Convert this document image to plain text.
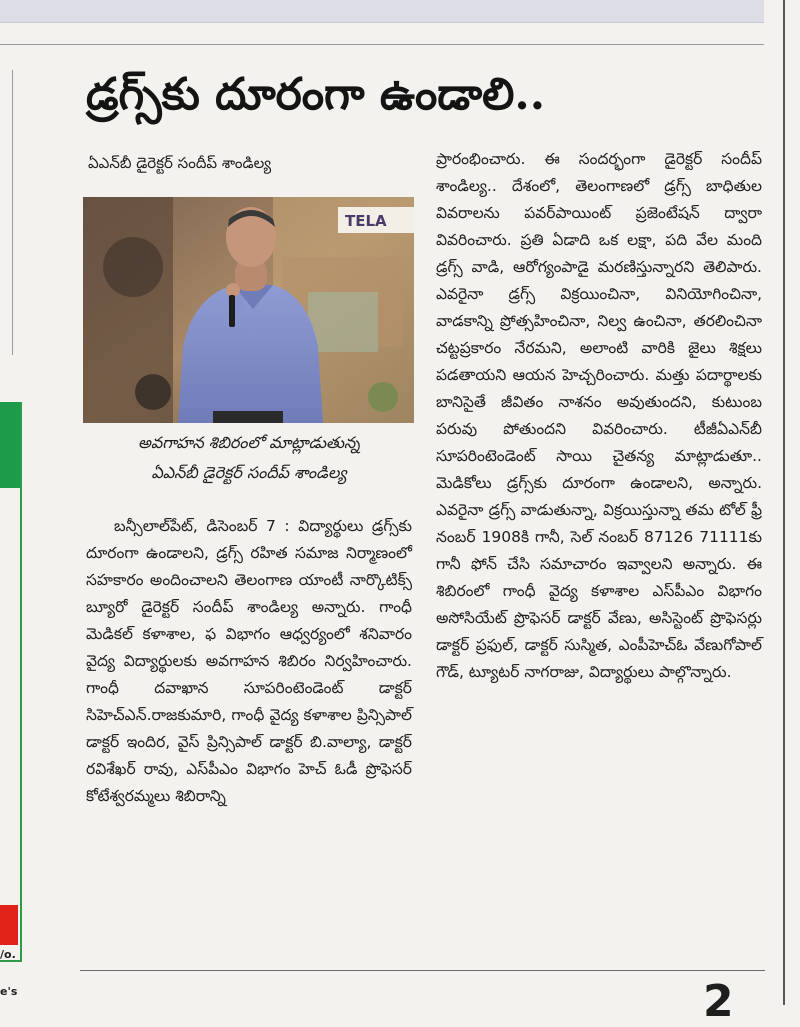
/o.
e's
డ్రగ్స్‌కు దూరంగా ఉండాలి..
ఏఎన్‌బీ డైరెక్టర్ సందీప్ శాండిల్య
TELA
అవగాహన శిబిరంలో మాట్లాడుతున్న
ఏఎన్‌బీ డైరెక్టర్ సందీప్ శాండిల్య

బన్సీలాల్‌పేట్, డిసెంబర్ 7 : విద్యార్థులు డ్రగ్స్‌కు దూరంగా ఉండాలని, డ్రగ్స్ రహిత సమాజ నిర్మాణంలో సహకారం అందించాలని తెలంగాణ యాంటీ నార్కొటిక్స్ బ్యూరో డైరెక్టర్ సందీప్ శాండిల్య అన్నారు. గాంధీ మెడికల్ కళాశాల, ఫ విభాగం ఆధ్వర్యంలో శనివారం వైద్య విద్యార్థులకు అవగాహన శిబిరం నిర్వహించారు. గాంధీ దవాఖాన సూపరింటెండెంట్ డాక్టర్ సిహెచ్ఎన్.రాజకుమారి, గాంధీ వైద్య కళాశాల ప్రిన్సిపాల్ డాక్టర్ ఇందిర, వైస్ ప్రిన్సిపాల్ డాక్టర్ బి.వాల్యా, డాక్టర్ రవిశేఖర్ రావు, ఎస్‌పీఎం విభాగం హెచ్ ఓడీ ప్రొఫెసర్ కోటేశ్వరమ్మలు శిబిరాన్ని

ప్రారంభించారు. ఈ సందర్భంగా డైరెక్టర్ సందీప్ శాండిల్య.. దేశంలో, తెలంగాణలో డ్రగ్స్ బాధితుల వివరాలను పవర్‌పాయింట్ ప్రజెంటేషన్ ద్వారా వివరించారు. ప్రతి ఏడాది ఒక లక్షా, పది వేల మంది డ్రగ్స్ వాడి, ఆరోగ్యంపాడై మరణిస్తున్నారని తెలిపారు. ఎవరైనా డ్రగ్స్ విక్రయించినా, వినియోగించినా, వాడకాన్ని ప్రోత్సహించినా, నిల్వ ఉంచినా, తరలించినా చట్టప్రకారం నేరమని, అలాంటి వారికి జైలు శిక్షలు పడతాయని ఆయన హెచ్చరించారు. మత్తు పదార్థాలకు బానిసైతే జీవితం నాశనం అవుతుందని, కుటుంబ పరువు పోతుందని వివరించారు. టీజీఏఎన్‌బీ సూపరింటెండెంట్ సాయి చైతన్య మాట్లాడుతూ.. మెడికోలు డ్రగ్స్‌కు దూరంగా ఉండాలని, అన్నారు. ఎవరైనా డ్రగ్స్ వాడుతున్నా, విక్రయిస్తున్నా తమ టోల్ ఫ్రీ నంబర్ 1908కి గానీ, సెల్ నంబర్ 87126 71111కు గానీ ఫోన్ చేసి సమాచారం ఇవ్వాలని అన్నారు. ఈ శిబిరంలో గాంధీ వైద్య కళాశాల ఎస్‌పీఎం విభాగం అసోసియేట్ ప్రొఫెసర్ డాక్టర్ వేణు, అసిస్టెంట్ ప్రొఫెసర్లు డాక్టర్ ప్రఫుల్, డాక్టర్ సుస్మిత, ఎంపీహెచ్ఓ వేణుగోపాల్ గౌడ్, ట్యూటర్ నాగరాజు, విద్యార్థులు పాల్గొన్నారు.

2
